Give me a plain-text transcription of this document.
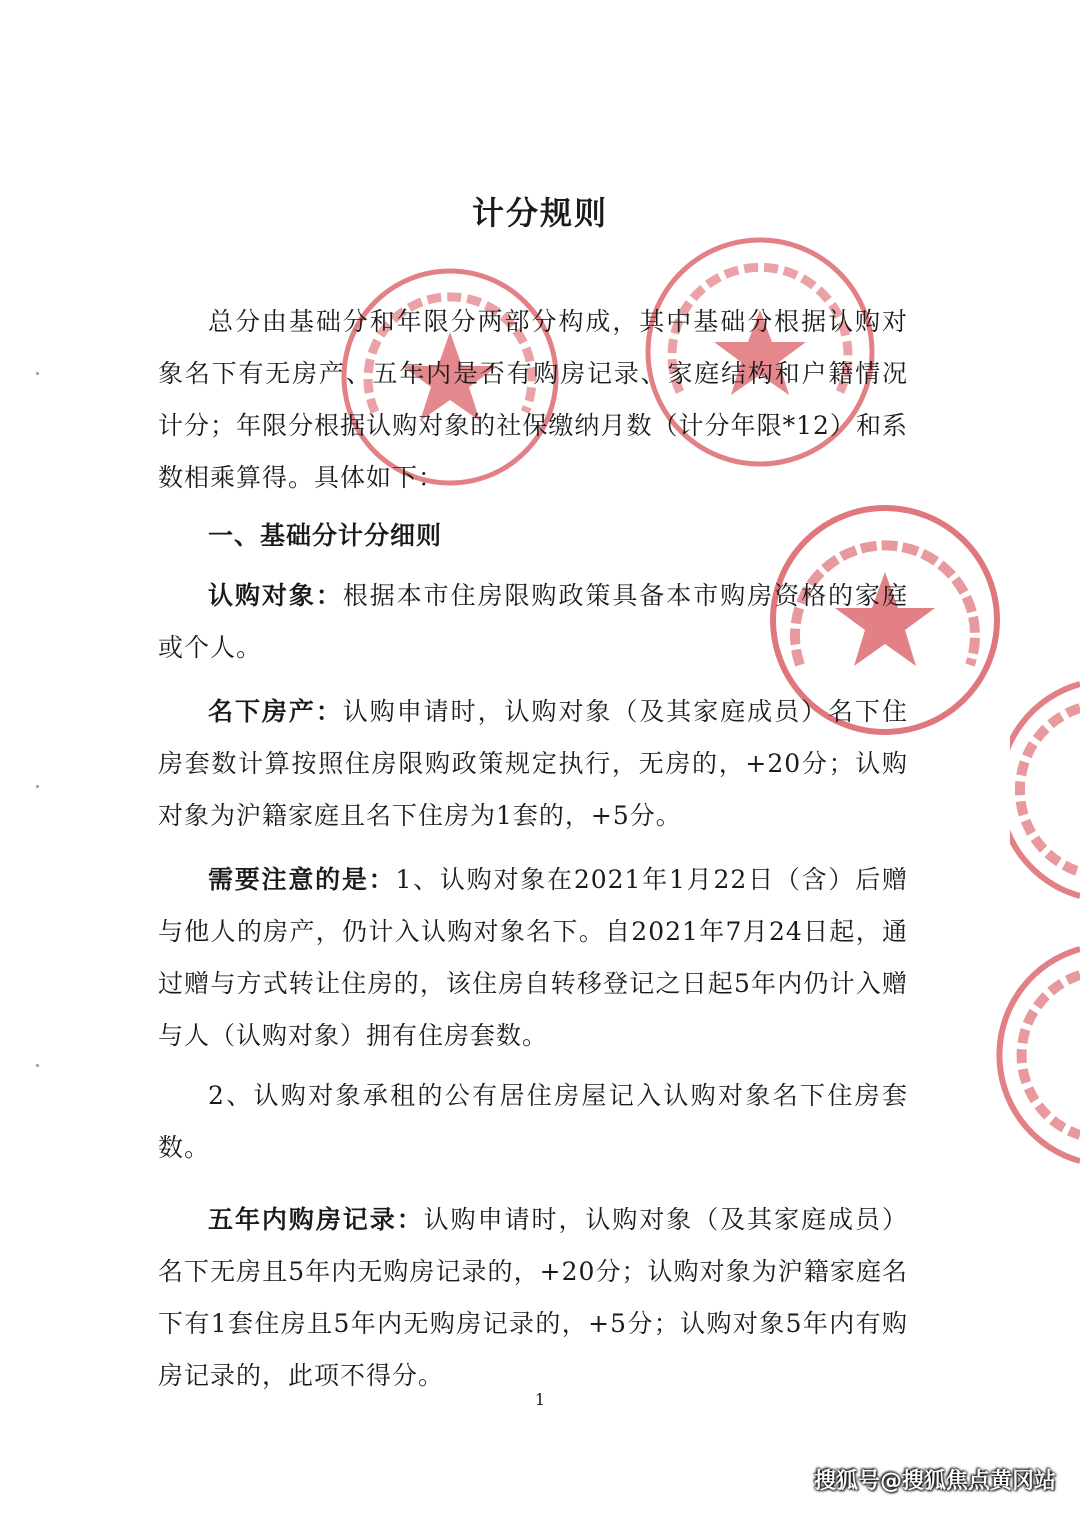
计分规则

总分由基础分和年限分两部分构成，其中基础分根据认购对象名下有无房产、五年内是否有购房记录、家庭结构和户籍情况计分；年限分根据认购对象的社保缴纳月数（计分年限*12）和系数相乘算得。具体如下：

一、基础分计分细则

认购对象：根据本市住房限购政策具备本市购房资格的家庭或个人。

名下房产：认购申请时，认购对象（及其家庭成员）名下住房套数计算按照住房限购政策规定执行，无房的，+20分；认购对象为沪籍家庭且名下住房为1套的，+5分。

需要注意的是：1、认购对象在2021年1月22日（含）后赠与他人的房产，仍计入认购对象名下。自2021年7月24日起，通过赠与方式转让住房的，该住房自转移登记之日起5年内仍计入赠与人（认购对象）拥有住房套数。

2、认购对象承租的公有居住房屋记入认购对象名下住房套数。

五年内购房记录：认购申请时，认购对象（及其家庭成员）名下无房且5年内无购房记录的，+20分；认购对象为沪籍家庭名下有1套住房且5年内无购房记录的，+5分；认购对象5年内有购房记录的，此项不得分。

1
搜狐号@搜狐焦点黄冈站
